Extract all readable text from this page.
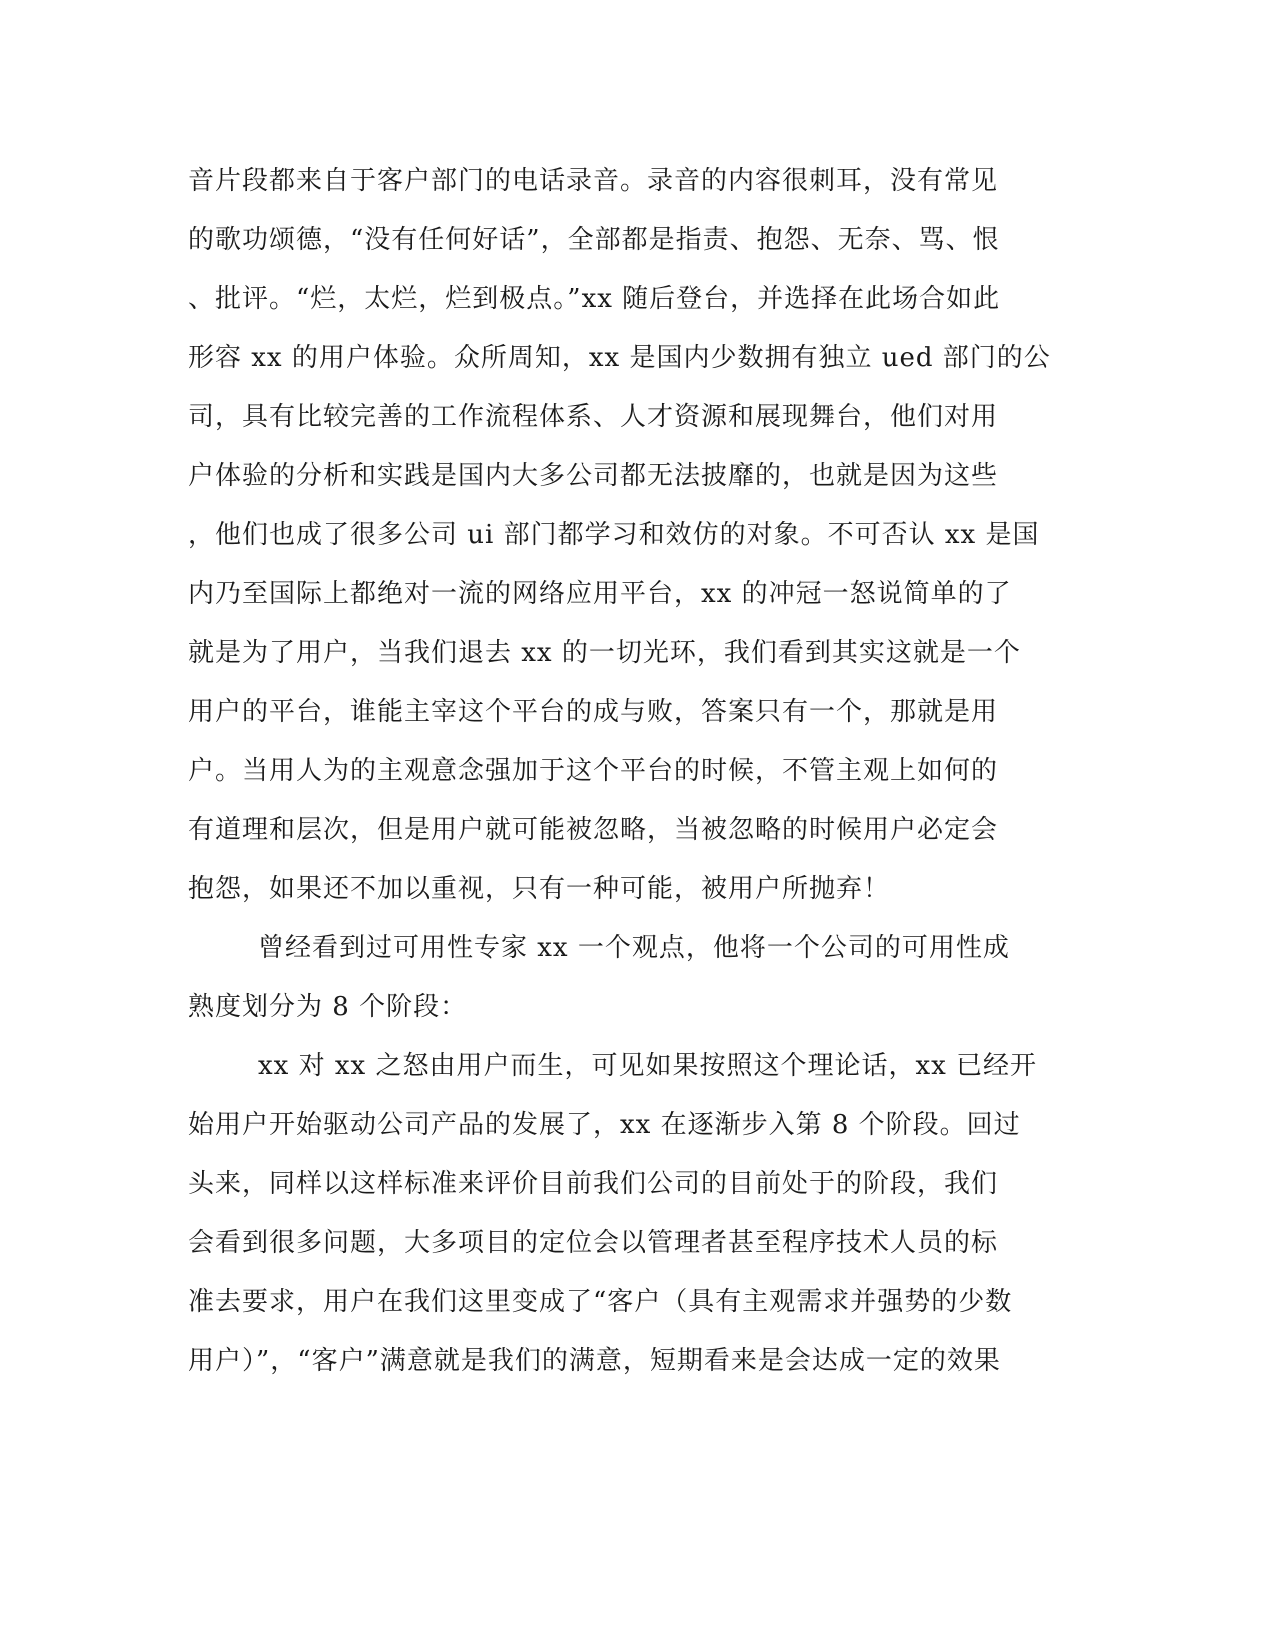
音片段都来自于客户部门的电话录音。录音的内容很刺耳，没有常见
的歌功颂德，“没有任何好话”，全部都是指责、抱怨、无奈、骂、恨
、批评。“烂，太烂，烂到极点。”xx 随后登台，并选择在此场合如此
形容 xx 的用户体验。众所周知，xx 是国内少数拥有独立 ued 部门的公
司，具有比较完善的工作流程体系、人才资源和展现舞台，他们对用
户体验的分析和实践是国内大多公司都无法披靡的，也就是因为这些
，他们也成了很多公司 ui 部门都学习和效仿的对象。不可否认 xx 是国
内乃至国际上都绝对一流的网络应用平台，xx 的冲冠一怒说简单的了
就是为了用户，当我们退去 xx 的一切光环，我们看到其实这就是一个
用户的平台，谁能主宰这个平台的成与败，答案只有一个，那就是用
户。当用人为的主观意念强加于这个平台的时候，不管主观上如何的
有道理和层次，但是用户就可能被忽略，当被忽略的时候用户必定会
抱怨，如果还不加以重视，只有一种可能，被用户所抛弃！
曾经看到过可用性专家 xx 一个观点，他将一个公司的可用性成
熟度划分为 8 个阶段：
xx 对 xx 之怒由用户而生，可见如果按照这个理论话，xx 已经开
始用户开始驱动公司产品的发展了，xx 在逐渐步入第 8 个阶段。回过
头来，同样以这样标准来评价目前我们公司的目前处于的阶段，我们
会看到很多问题，大多项目的定位会以管理者甚至程序技术人员的标
准去要求，用户在我们这里变成了“客户（具有主观需求并强势的少数
用户）”，“客户”满意就是我们的满意，短期看来是会达成一定的效果
